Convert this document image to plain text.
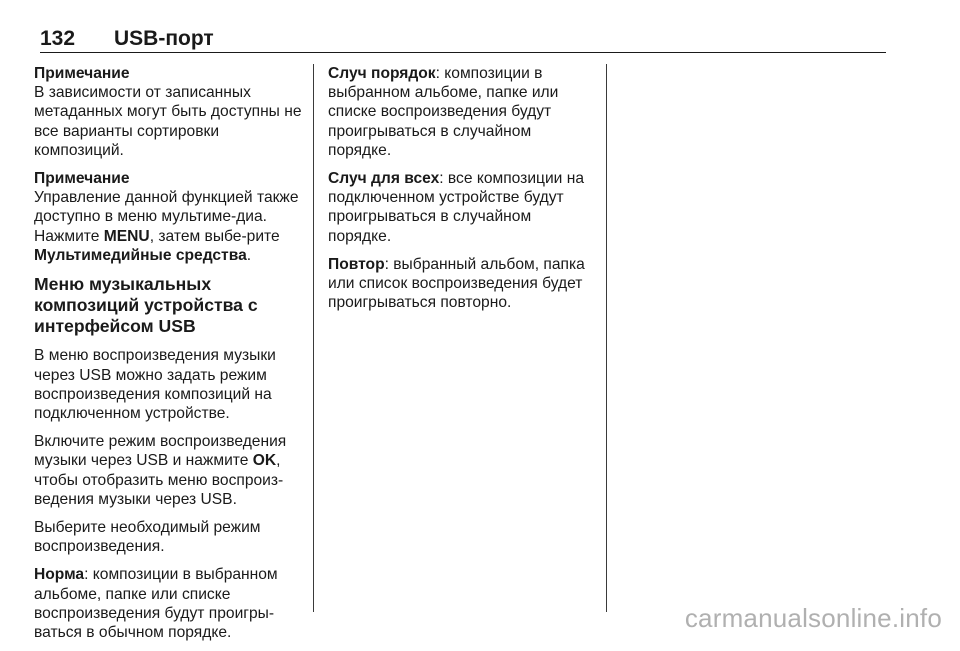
132 USB-порт

Примечание
В зависимости от записанных метаданных могут быть доступны не все варианты сортировки композиций.

Примечание
Управление данной функцией также доступно в меню мультиме-диа. Нажмите MENU, затем выбе-рите Мультимедийные средства.

Меню музыкальных композиций устройства с интерфейсом USB

В меню воспроизведения музыки через USB можно задать режим воспроизведения композиций на подключенном устройстве.

Включите режим воспроизведения музыки через USB и нажмите OK, чтобы отобразить меню воспроиз-ведения музыки через USB.

Выберите необходимый режим воспроизведения.

Норма: композиции в выбранном альбоме, папке или списке воспроизведения будут проигры-ваться в обычном порядке.

Случ порядок: композиции в выбранном альбоме, папке или списке воспроизведения будут проигрываться в случайном порядке.

Случ для всех: все композиции на подключенном устройстве будут проигрываться в случайном порядке.

Повтор: выбранный альбом, папка или список воспроизведения будет проигрываться повторно.

carmanualsonline.info
